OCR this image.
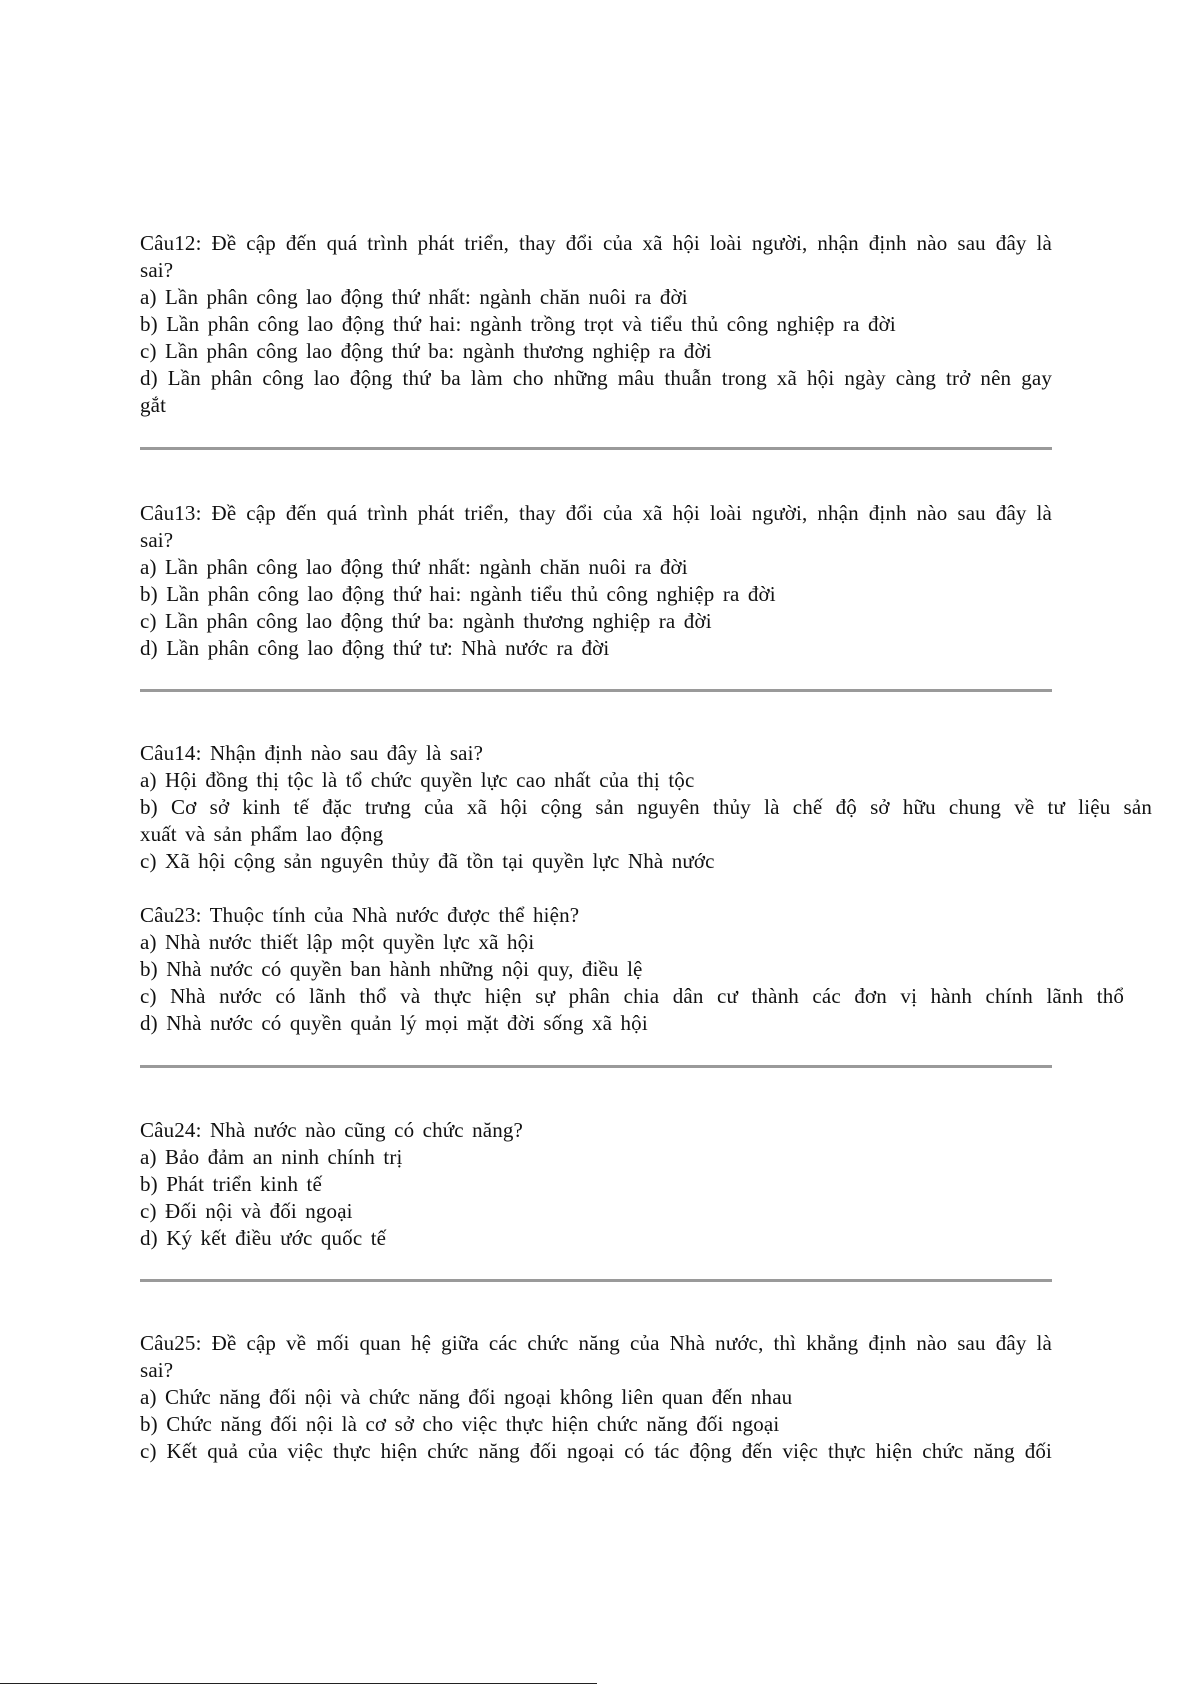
Câu12: Đề cập đến quá trình phát triển, thay đổi của xã hội loài người, nhận định nào sau đây là
sai?
a) Lần phân công lao động thứ nhất: ngành chăn nuôi ra đời
b) Lần phân công lao động thứ hai: ngành trồng trọt và tiểu thủ công nghiệp ra đời
c) Lần phân công lao động thứ ba: ngành thương nghiệp ra đời
d) Lần phân công lao động thứ ba làm cho những mâu thuẫn trong xã hội ngày càng trở nên gay
gắt
Câu13: Đề cập đến quá trình phát triển, thay đổi của xã hội loài người, nhận định nào sau đây là
sai?
a) Lần phân công lao động thứ nhất: ngành chăn nuôi ra đời
b) Lần phân công lao động thứ hai: ngành tiểu thủ công nghiệp ra đời
c) Lần phân công lao động thứ ba: ngành thương nghiệp ra đời
d) Lần phân công lao động thứ tư: Nhà nước ra đời
Câu14: Nhận định nào sau đây là sai?
a) Hội đồng thị tộc là tổ chức quyền lực cao nhất của thị tộc
b) Cơ sở kinh tế đặc trưng của xã hội cộng sản nguyên thủy là chế độ sở hữu chung về tư liệu sản
xuất và sản phẩm lao động
c) Xã hội cộng sản nguyên thủy đã tồn tại quyền lực Nhà nước
Câu23: Thuộc tính của Nhà nước được thể hiện?
a) Nhà nước thiết lập một quyền lực xã hội
b) Nhà nước có quyền ban hành những nội quy, điều lệ
c) Nhà nước có lãnh thổ và thực hiện sự phân chia dân cư thành các đơn vị hành chính lãnh thổ
d) Nhà nước có quyền quản lý mọi mặt đời sống xã hội
Câu24: Nhà nước nào cũng có chức năng?
a) Bảo đảm an ninh chính trị
b) Phát triển kinh tế
c) Đối nội và đối ngoại
d) Ký kết điều ước quốc tế
Câu25: Đề cập về mối quan hệ giữa các chức năng của Nhà nước, thì khẳng định nào sau đây là
sai?
a) Chức năng đối nội và chức năng đối ngoại không liên quan đến nhau
b) Chức năng đối nội là cơ sở cho việc thực hiện chức năng đối ngoại
c) Kết quả của việc thực hiện chức năng đối ngoại có tác động đến việc thực hiện chức năng đối
